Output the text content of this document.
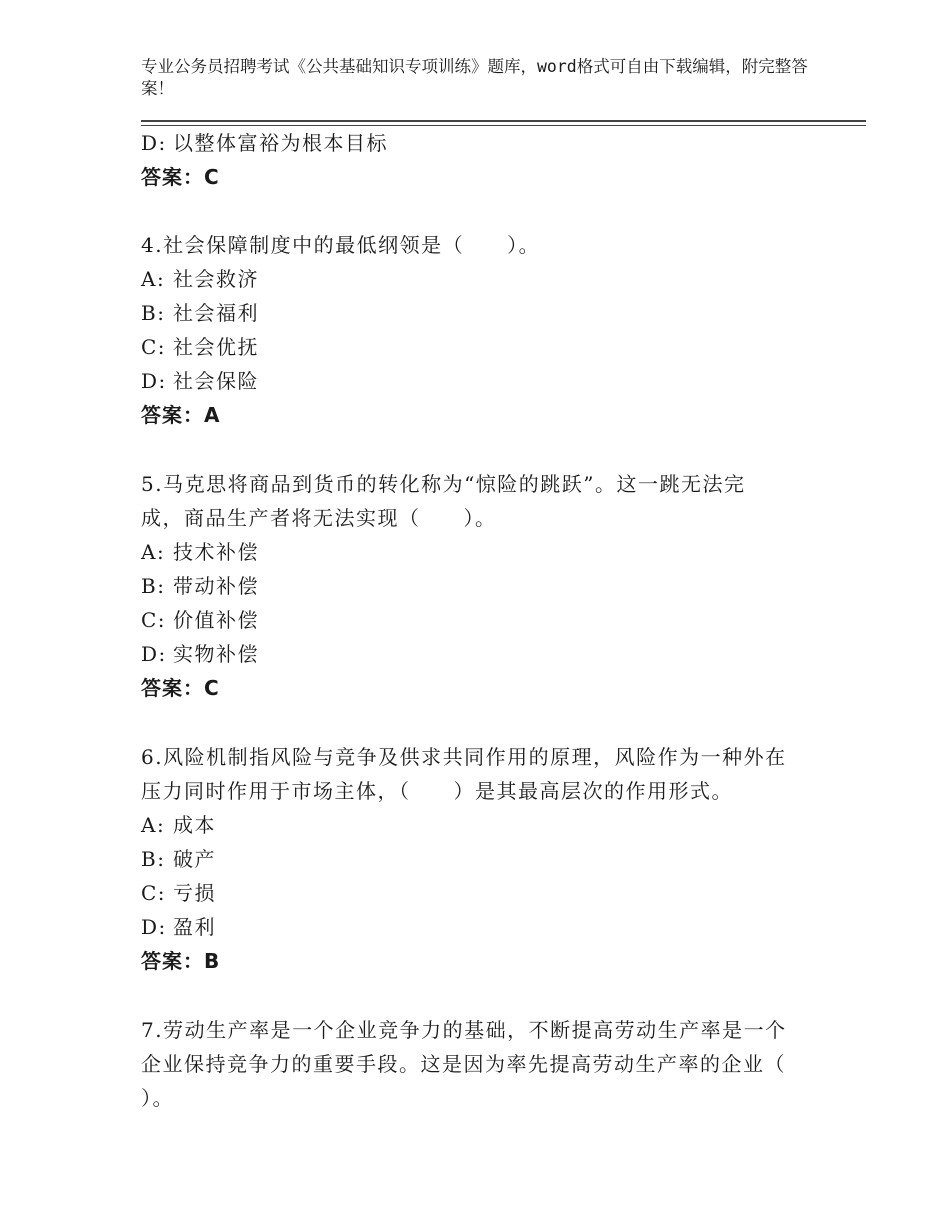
专业公务员招聘考试《公共基础知识专项训练》题库，word格式可自由下载编辑，附完整答案！
D: 以整体富裕为根本目标
答案：C
4.社会保障制度中的最低纲领是（　　）。
A: 社会救济
B: 社会福利
C: 社会优抚
D: 社会保险
答案：A
5.马克思将商品到货币的转化称为“惊险的跳跃”。这一跳无法完
成，商品生产者将无法实现（　　）。
A: 技术补偿
B: 带动补偿
C: 价值补偿
D: 实物补偿
答案：C
6.风险机制指风险与竞争及供求共同作用的原理，风险作为一种外在
压力同时作用于市场主体，（　　）是其最高层次的作用形式。
A: 成本
B: 破产
C: 亏损
D: 盈利
答案：B
7.劳动生产率是一个企业竞争力的基础，不断提高劳动生产率是一个
企业保持竞争力的重要手段。这是因为率先提高劳动生产率的企业（
）。
